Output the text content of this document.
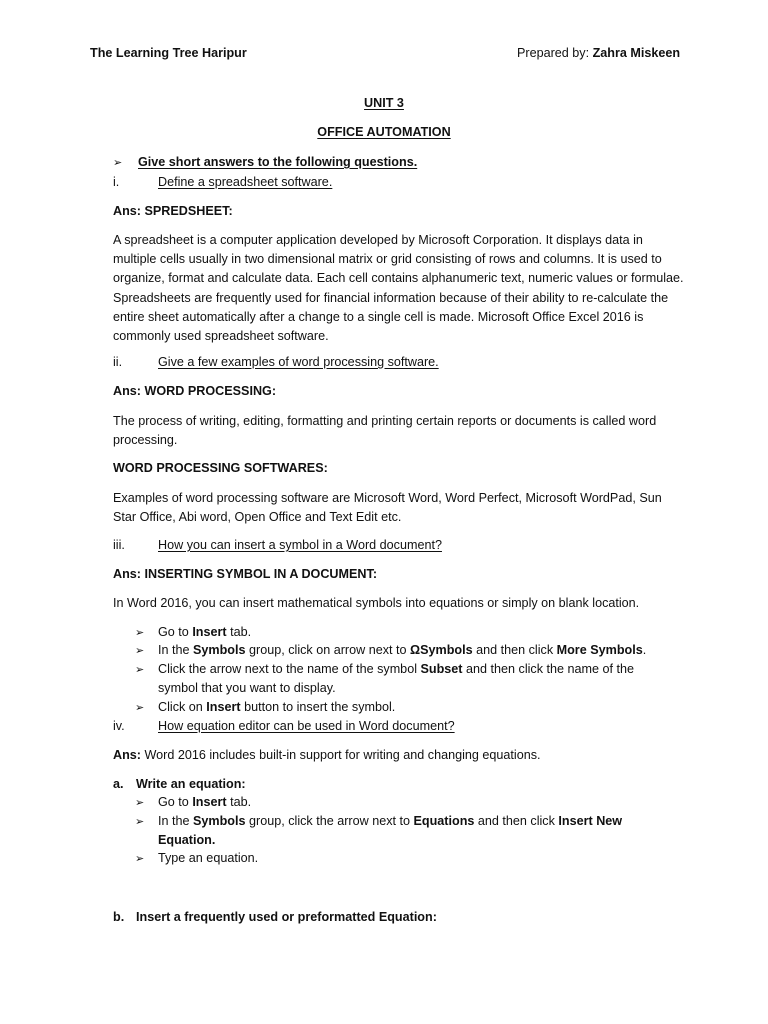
The Learning Tree Haripur	Prepared by: Zahra Miskeen
UNIT 3
OFFICE AUTOMATION
➢ Give short answers to the following questions.
i.	Define a spreadsheet software.
Ans: SPREDSHEET:
A spreadsheet is a computer application developed by Microsoft Corporation. It displays data in multiple cells usually in two dimensional matrix or grid consisting of rows and columns. It is used to organize, format and calculate data. Each cell contains alphanumeric text, numeric values or formulae. Spreadsheets are frequently used for financial information because of their ability to re-calculate the entire sheet automatically after a change to a single cell is made. Microsoft Office Excel 2016 is commonly used spreadsheet software.
ii.	Give a few examples of word processing software.
Ans: WORD PROCESSING:
The process of writing, editing, formatting and printing certain reports or documents is called word processing.
WORD PROCESSING SOFTWARES:
Examples of word processing software are Microsoft Word, Word Perfect, Microsoft WordPad, Sun Star Office, Abi word, Open Office and Text Edit etc.
iii.	How you can insert a symbol in a Word document?
Ans: INSERTING SYMBOL IN A DOCUMENT:
In Word 2016, you can insert mathematical symbols into equations or simply on blank location.
➢ Go to Insert tab.
➢ In the Symbols group, click on arrow next to ΩSymbols and then click More Symbols.
➢ Click the arrow next to the name of the symbol Subset and then click the name of the
symbol that you want to display.
➢ Click on Insert button to insert the symbol.
iv.	How equation editor can be used in Word document?
Ans: Word 2016 includes built-in support for writing and changing equations.
a. Write an equation:
➢ Go to Insert tab.
➢ In the Symbols group, click the arrow next to Equations and then click Insert New
Equation.
➢ Type an equation.
b. Insert a frequently used or preformatted Equation:
